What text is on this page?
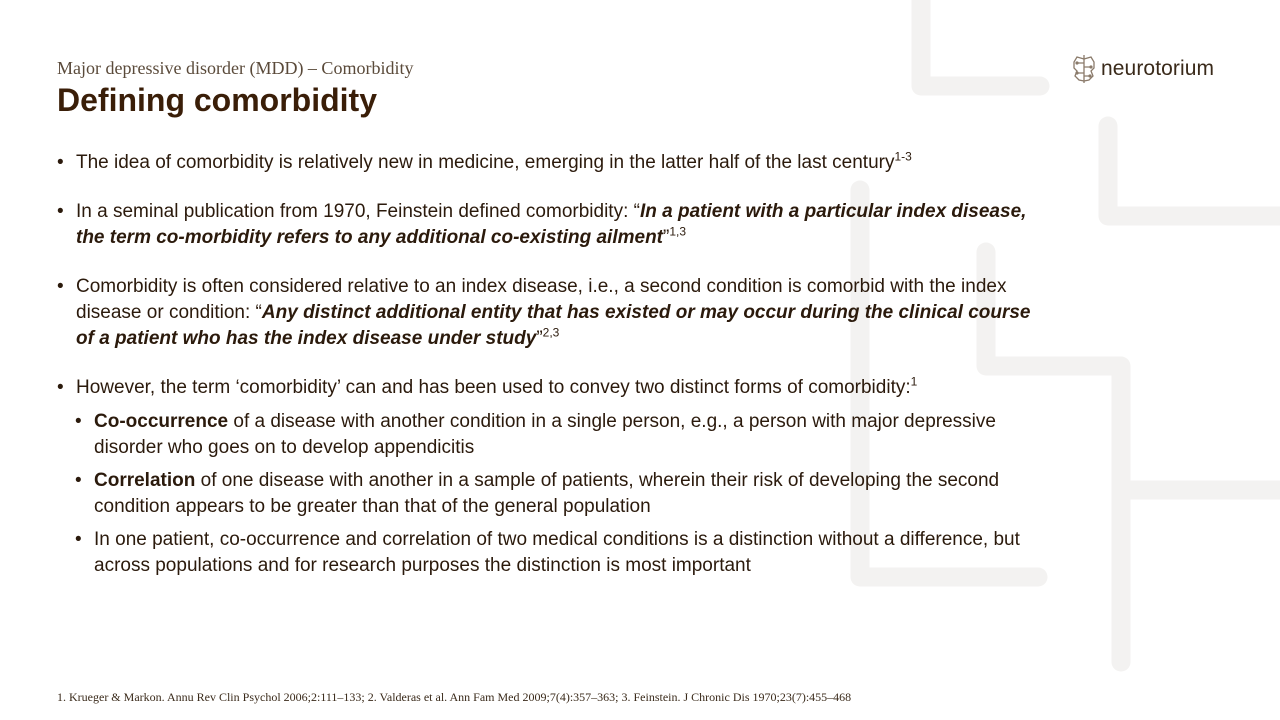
Major depressive disorder (MDD) – Comorbidity
Defining comorbidity
neurotorium
• The idea of comorbidity is relatively new in medicine, emerging in the latter half of the last century$^{1-3}$
• In a seminal publication from 1970, Feinstein defined comorbidity: “In a patient with a particular index disease, the term co-morbidity refers to any additional co-existing ailment”$^{1,3}$
• Comorbidity is often considered relative to an index disease, i.e., a second condition is comorbid with the index disease or condition: “Any distinct additional entity that has existed or may occur during the clinical course of a patient who has the index disease under study”$^{2,3}$
• However, the term ‘comorbidity’ can and has been used to convey two distinct forms of comorbidity:$^1$
• Co-occurrence of a disease with another condition in a single person, e.g., a person with major depressive disorder who goes on to develop appendicitis
• Correlation of one disease with another in a sample of patients, wherein their risk of developing the second condition appears to be greater than that of the general population
• In one patient, co-occurrence and correlation of two medical conditions is a distinction without a difference, but across populations and for research purposes the distinction is most important
1. Krueger & Markon. Annu Rev Clin Psychol 2006;2:111–133; 2. Valderas et al. Ann Fam Med 2009;7(4):357–363; 3. Feinstein. J Chronic Dis 1970;23(7):455–468
